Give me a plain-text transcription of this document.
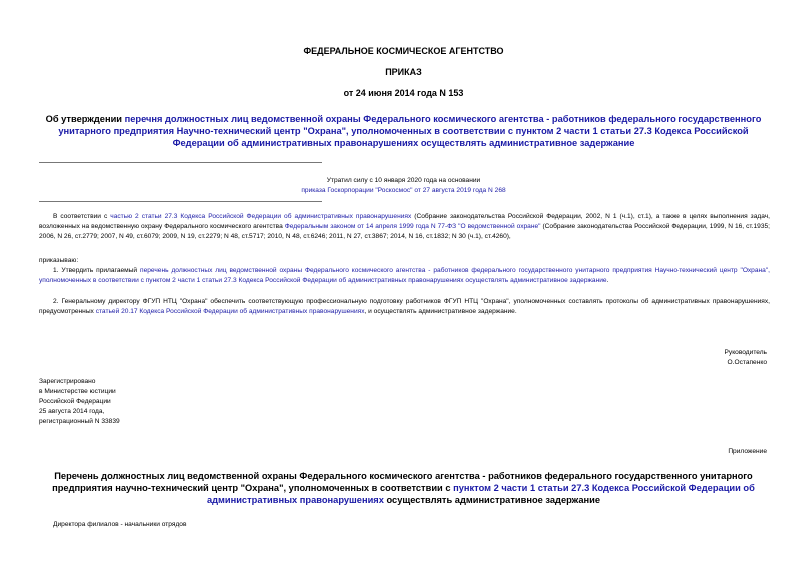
ФЕДЕРАЛЬНОЕ КОСМИЧЕСКОЕ АГЕНТСТВО
ПРИКАЗ
от 24 июня 2014 года N 153
Об утверждении перечня должностных лиц ведомственной охраны Федерального космического агентства - работников федерального государственного унитарного предприятия Научно-технический центр "Охрана", уполномоченных в соответствии с пунктом 2 части 1 статьи 27.3 Кодекса Российской Федерации об административных правонарушениях осуществлять административное задержание
Утратил силу с 10 января 2020 года на основании
приказа Госкорпорации "Роскосмос" от 27 августа 2019 года N 268
В соответствии с частью 2 статьи 27.3 Кодекса Российской Федерации об административных правонарушениях (Собрание законодательства Российской Федерации, 2002, N 1 (ч.1), ст.1), а также в целях выполнения задач, возложенных на ведомственную охрану Федерального космического агентства Федеральным законом от 14 апреля 1999 года N 77-ФЗ "О ведомственной охране" (Собрание законодательства Российской Федерации, 1999, N 16, ст.1935; 2006, N 26, ст.2779; 2007, N 49, ст.6079; 2009, N 19, ст.2279; N 48, ст.5717; 2010, N 48, ст.6246; 2011, N 27, ст.3867; 2014, N 16, ст.1832; N 30 (ч.1), ст.4260),
приказываю:
1. Утвердить прилагаемый перечень должностных лиц ведомственной охраны Федерального космического агентства - работников федерального государственного унитарного предприятия Научно-технический центр "Охрана", уполномоченных в соответствии с пунктом 2 части 1 статьи 27.3 Кодекса Российской Федерации об административных правонарушениях осуществлять административное задержание.
2. Генеральному директору ФГУП НТЦ "Охрана" обеспечить соответствующую профессиональную подготовку работников ФГУП НТЦ "Охрана", уполномоченных составлять протоколы об административных правонарушениях, предусмотренных статьей 20.17 Кодекса Российской Федерации об административных правонарушениях, и осуществлять административное задержание.
Руководитель
О.Остапенко
Зарегистрировано
в Министерстве юстиции
Российской Федерации
25 августа 2014 года,
регистрационный N 33839
Приложение
Перечень должностных лиц ведомственной охраны Федерального космического агентства - работников федерального государственного унитарного предприятия научно-технический центр "Охрана", уполномоченных в соответствии с пунктом 2 части 1 статьи 27.3 Кодекса Российской Федерации об административных правонарушениях осуществлять административное задержание
Директора филиалов - начальники отрядов
